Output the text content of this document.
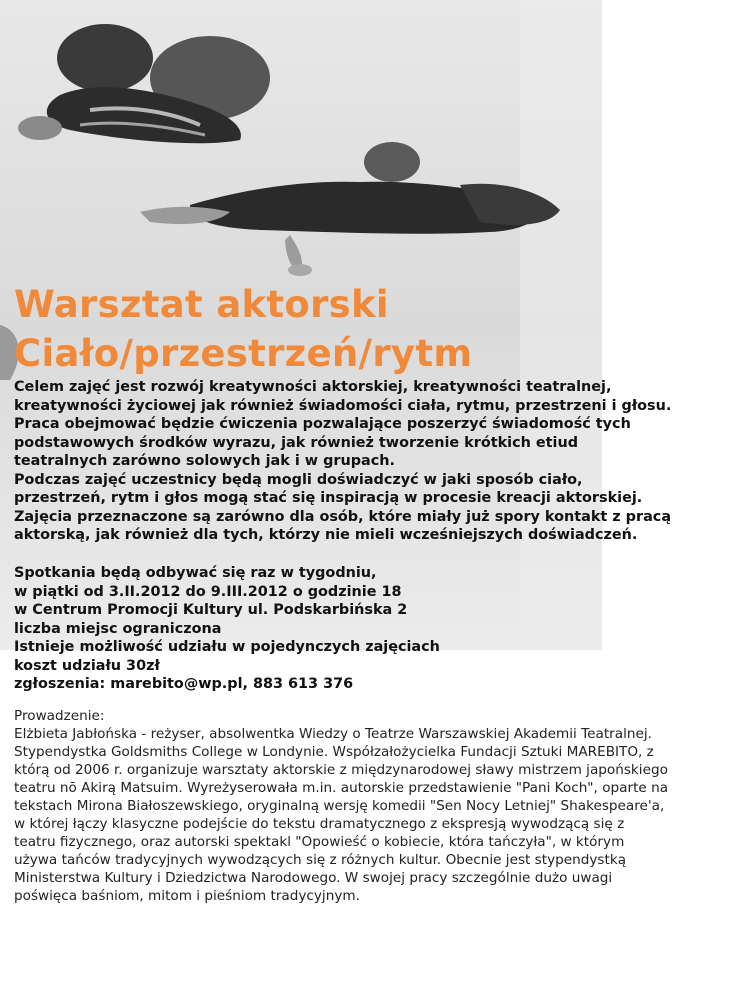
Warsztat aktorski
Ciało/przestrzeń/rytm
Celem zajęć jest rozwój kreatywności aktorskiej, kreatywności teatralnej,
kreatywności życiowej jak również świadomości ciała, rytmu, przestrzeni i głosu.
Praca obejmować będzie ćwiczenia pozwalające poszerzyć świadomość tych
podstawowych środków wyrazu, jak również tworzenie krótkich etiud
teatralnych zarówno solowych jak i w grupach.
Podczas zajęć uczestnicy będą mogli doświadczyć w jaki sposób ciało,
przestrzeń, rytm i głos mogą stać się inspiracją w procesie kreacji aktorskiej.
Zajęcia przeznaczone są zarówno dla osób, które miały już spory kontakt z pracą
aktorską, jak również dla tych, którzy nie mieli wcześniejszych doświadczeń.
Spotkania będą odbywać się raz w tygodniu,
w piątki od 3.II.2012 do 9.III.2012 o godzinie 18
w Centrum Promocji Kultury ul. Podskarbińska 2
liczba miejsc ograniczona
Istnieje możliwość udziału w pojedynczych zajęciach
koszt udziału 30zł
zgłoszenia: marebito@wp.pl, 883 613 376
Prowadzenie:
Elżbieta Jabłońska - reżyser, absolwentka Wiedzy o Teatrze Warszawskiej Akademii Teatralnej.
Stypendystka Goldsmiths College w Londynie. Współzałożycielka Fundacji Sztuki MAREBITO, z
którą od 2006 r. organizuje warsztaty aktorskie z międzynarodowej sławy mistrzem japońskiego
teatru nō Akirą Matsuim. Wyreżyserowała m.in. autorskie przedstawienie "Pani Koch", oparte na
tekstach Mirona Białoszewskiego, oryginalną wersję komedii "Sen Nocy Letniej" Shakespeare'a,
w której łączy klasyczne podejście do tekstu dramatycznego z ekspresją wywodzącą się z
teatru fizycznego, oraz autorski spektakl "Opowieść o kobiecie, która tańczyła", w którym
używa tańców tradycyjnych wywodzących się z różnych kultur. Obecnie jest stypendystką
Ministerstwa Kultury i Dziedzictwa Narodowego. W swojej pracy szczególnie dużo uwagi
poświęca baśniom, mitom i pieśniom tradycyjnym.
